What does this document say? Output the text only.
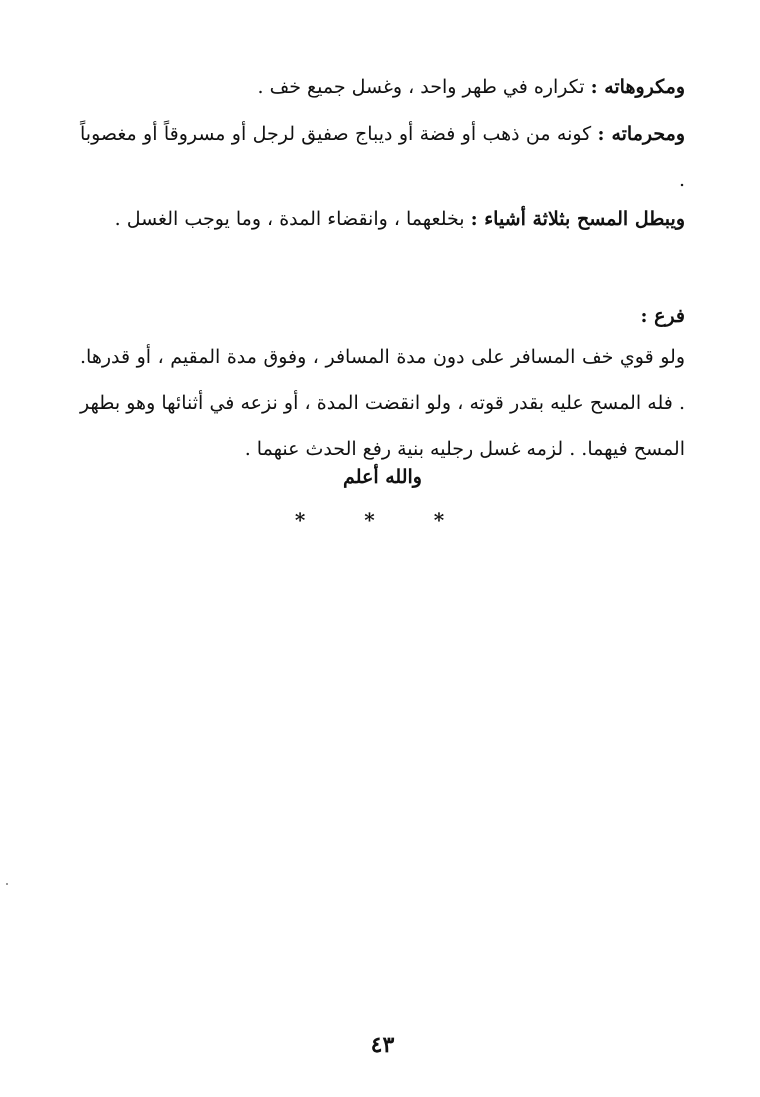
ومكروهاته : تكراره في طهر واحد ، وغسل جميع خف .

ومحرماته : كونه من ذهب أو فضة أو ديباج صفيق لرجل أو مسروقاً أو مغصوباً .

ويبطل المسح بثلاثة أشياء : بخلعهما ، وانقضاء المدة ، وما يوجب الغسل .

فرع :

ولو قوي خف المسافر على دون مدة المسافر ، وفوق مدة المقيم ، أو قدرها. . فله المسح عليه بقدر قوته ، ولو انقضت المدة ، أو نزعه في أثنائها وهو بطهر المسح فيهما. . لزمه غسل رجليه بنية رفع الحدث عنهما .

والله أعلم
* * *
٤٣
